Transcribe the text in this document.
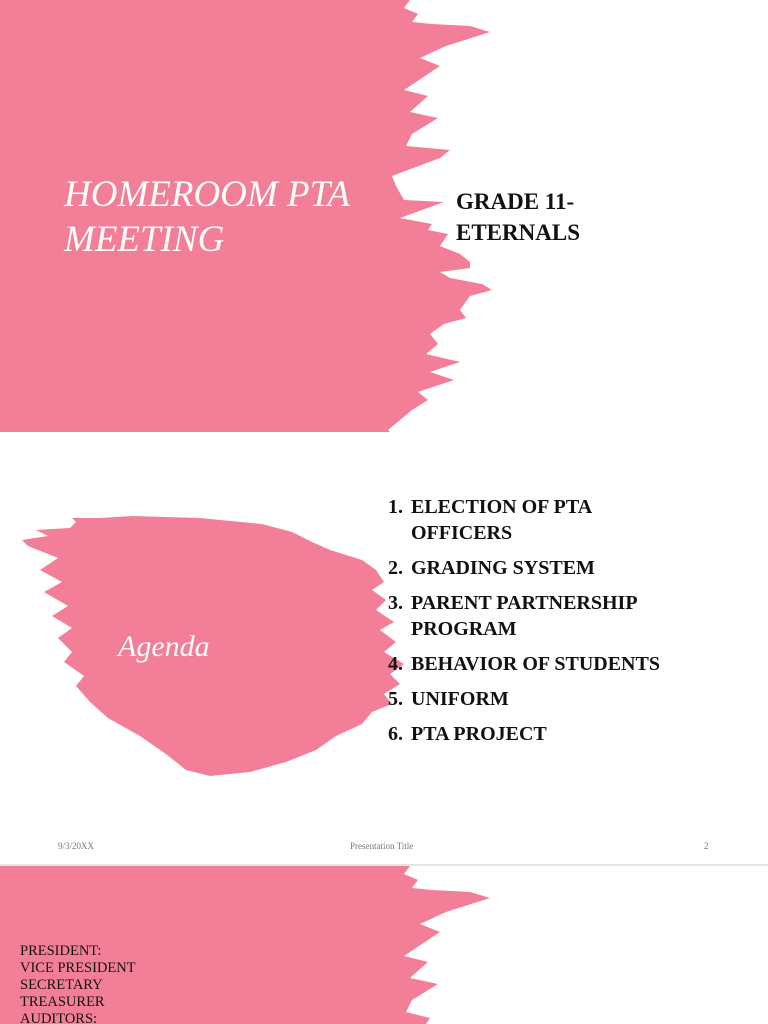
HOMEROOM PTA MEETING
GRADE 11- ETERNALS
Agenda
1. ELECTION OF PTA OFFICERS
2. GRADING SYSTEM
3. PARENT PARTNERSHIP PROGRAM
4. BEHAVIOR OF STUDENTS
5. UNIFORM
6. PTA PROJECT
9/3/20XX	Presentation Title	2
PRESIDENT:
VICE PRESIDENT
SECRETARY
TREASURER
AUDITORS:
